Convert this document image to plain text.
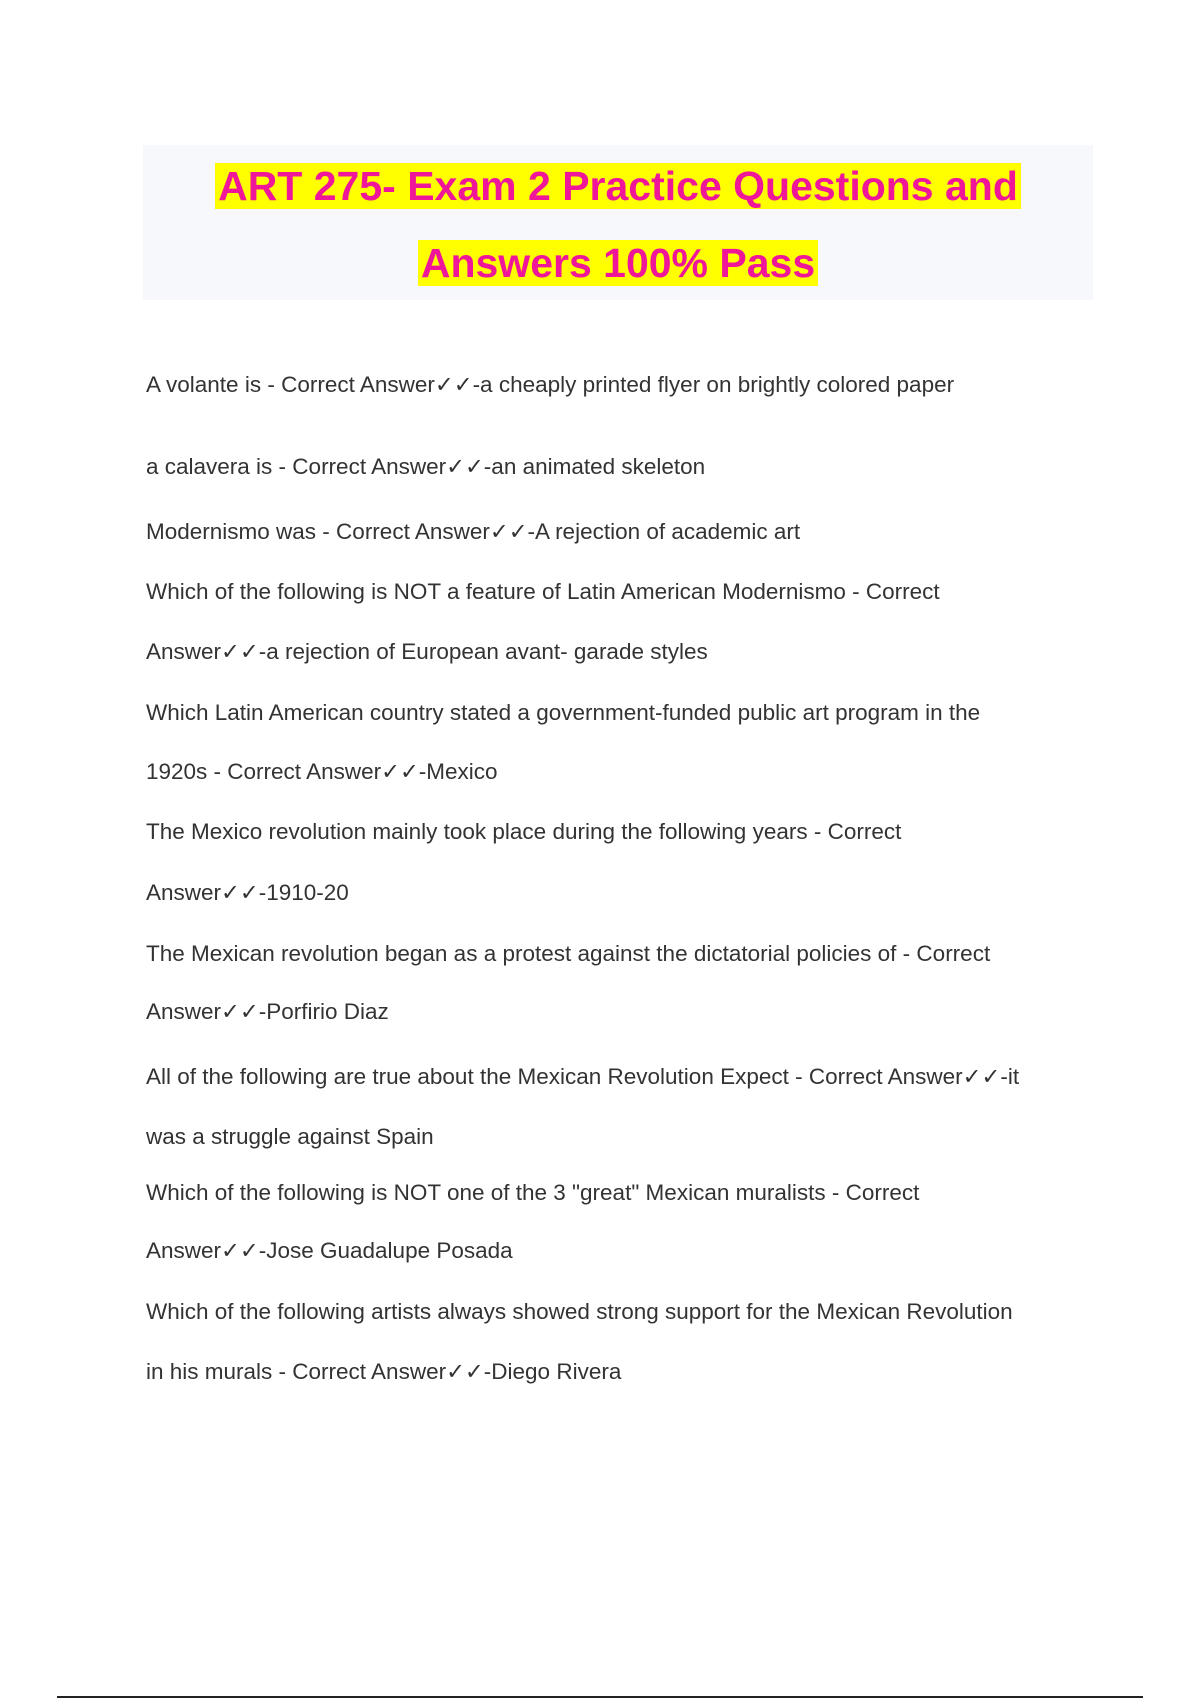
ART 275- Exam 2 Practice Questions and
Answers 100% Pass

A volante is - Correct Answer✓✓-a cheaply printed flyer on brightly colored paper

a calavera is - Correct Answer✓✓-an animated skeleton

Modernismo was - Correct Answer✓✓-A rejection of academic art

Which of the following is NOT a feature of Latin American Modernismo - Correct

Answer✓✓-a rejection of European avant- garade styles

Which Latin American country stated a government-funded public art program in the

1920s - Correct Answer✓✓-Mexico

The Mexico revolution mainly took place during the following years - Correct

Answer✓✓-1910-20

The Mexican revolution began as a protest against the dictatorial policies of - Correct

Answer✓✓-Porfirio Diaz

All of the following are true about the Mexican Revolution Expect - Correct Answer✓✓-it

was a struggle against Spain

Which of the following is NOT one of the 3 "great" Mexican muralists - Correct

Answer✓✓-Jose Guadalupe Posada

Which of the following artists always showed strong support for the Mexican Revolution

in his murals - Correct Answer✓✓-Diego Rivera
